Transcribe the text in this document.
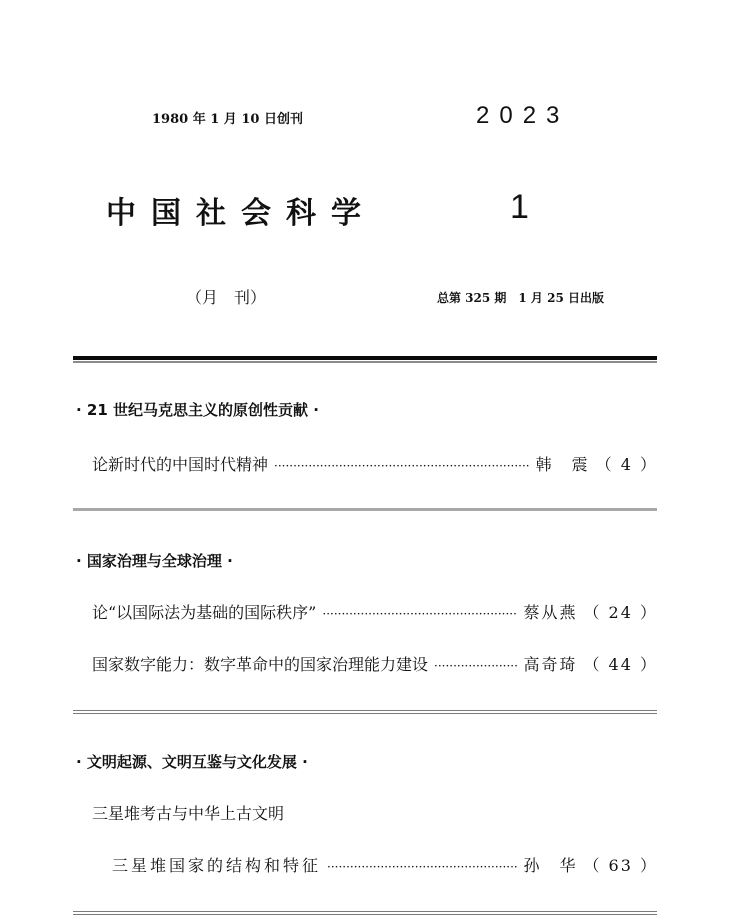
1980 年 1 月 10 日创刊	2023
中国社会科学	1
（月　刊）	总第 325 期　1 月 25 日出版
· 21 世纪马克思主义的原创性贡献 ·
论新时代的中国时代精神 ·····	韩　震 （ 4 ）
· 国家治理与全球治理 ·
论“以国际法为基础的国际秩序” ·····	蔡从燕 （ 24 ）
国家数字能力：数字革命中的国家治理能力建设 ·····	高奇琦 （ 44 ）
· 文明起源、文明互鉴与文化发展 ·
三星堆考古与中华上古文明
三星堆国家的结构和特征 ·····	孙　华 （ 63 ）
